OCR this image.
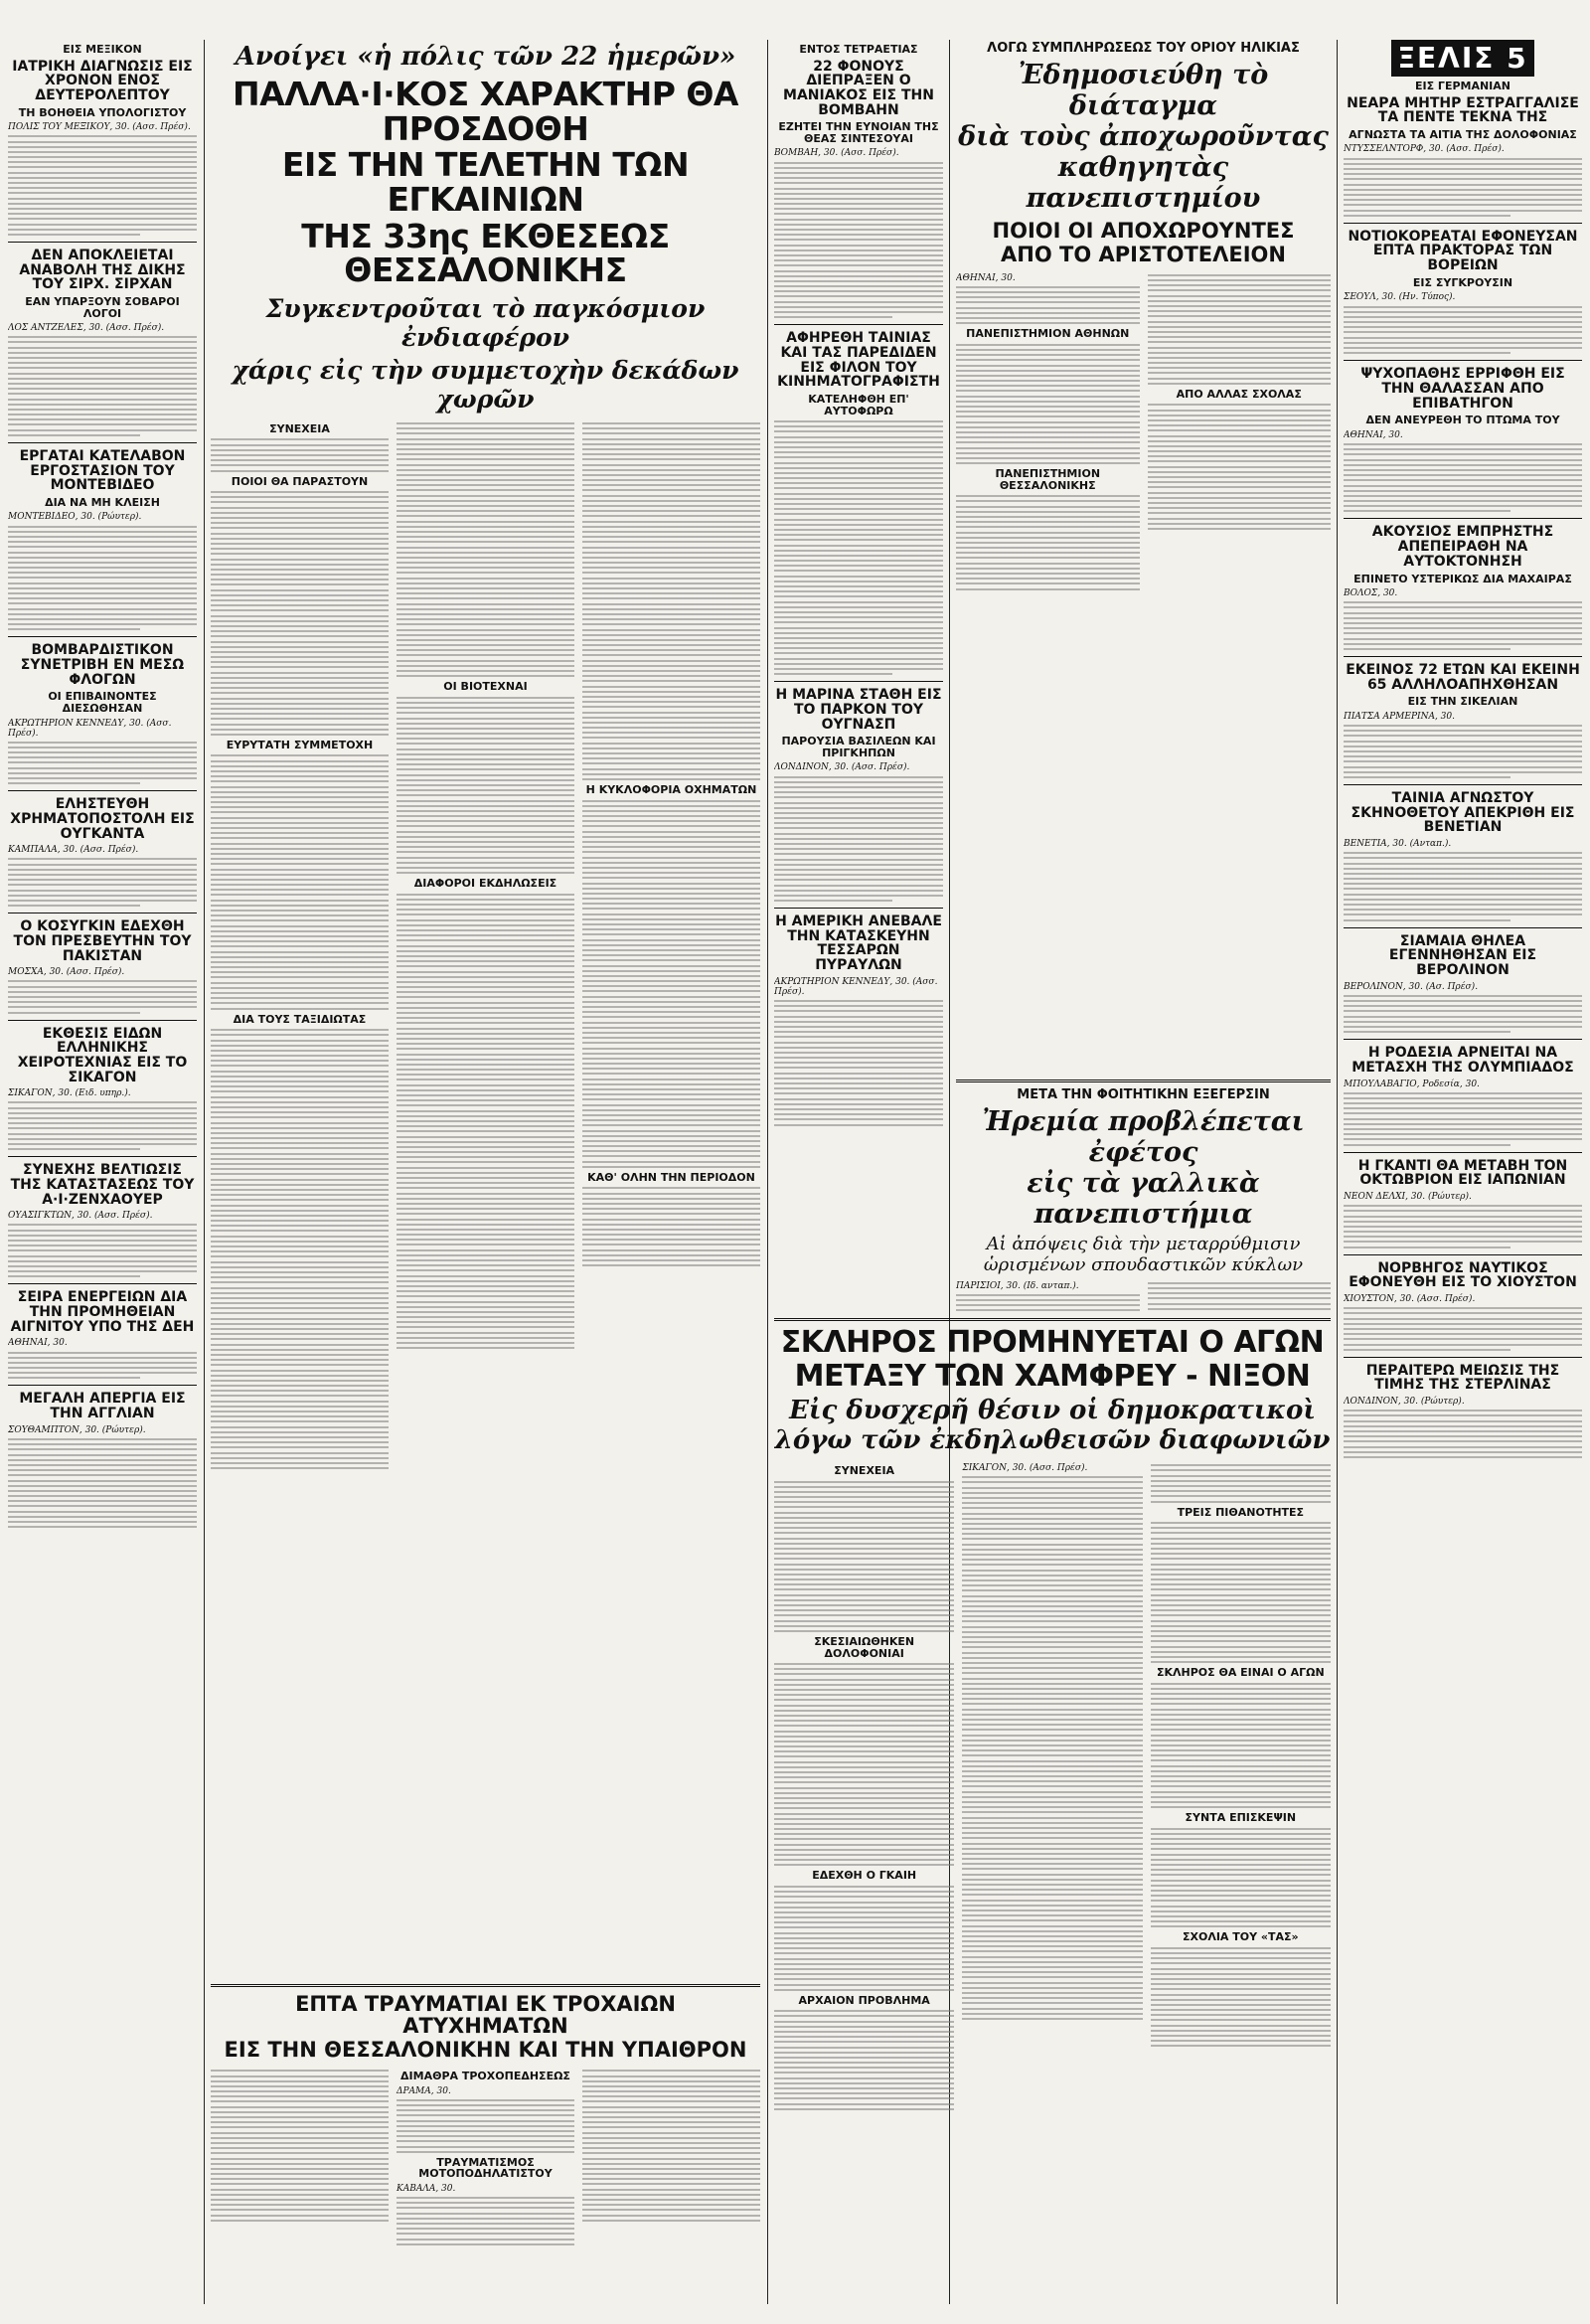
ΕΙΣ ΜΕΞΙΚΟΝ
ΙΑΤΡΙΚΗ ΔΙΑΓΝΩΣΙΣ ΕΙΣ ΧΡΟΝΟΝ ΕΝΟΣ ΔΕΥΤΕΡΟΛΕΠΤΟΥ
ΤΗ ΒΟΗΘΕΙΑ ΥΠΟΛΟΓΙΣΤΟΥ
ΠΟΛΙΣ ΤΟΥ ΜΕΞΙΚΟΥ, 30. (Ασσ. Πρέσ).
ΔΕΝ ΑΠΟΚΛΕΙΕΤΑΙ ΑΝΑΒΟΛΗ ΤΗΣ ΔΙΚΗΣ ΤΟΥ ΣΙΡΧ. ΣΙΡΧΑΝ
ΕΑΝ ΥΠΑΡΞΟΥΝ ΣΟΒΑΡΟΙ ΛΟΓΟΙ
ΛΟΣ ΑΝΤΖΕΛΕΣ, 30. (Ασσ. Πρέσ).
ΕΡΓΑΤΑΙ ΚΑΤΕΛΑΒΟΝ ΕΡΓΟΣΤΑΣΙΟΝ ΤΟΥ ΜΟΝΤΕΒΙΔΕΟ
ΔΙΑ ΝΑ ΜΗ ΚΛΕΙΣΗ
ΜΟΝΤΕΒΙΔΕΟ, 30. (Ρώυτερ).
ΒΟΜΒΑΡΔΙΣΤΙΚΟΝ ΣΥΝΕΤΡΙΒΗ ΕΝ ΜΕΣΩ ΦΛΟΓΩΝ
ΟΙ ΕΠΙΒΑΙΝΟΝΤΕΣ ΔΙΕΣΩΘΗΣΑΝ
ΑΚΡΩΤΗΡΙΟΝ ΚΕΝΝΕΔΥ, 30. (Ασσ. Πρέσ).
ΕΛΗΣΤΕΥΘΗ ΧΡΗΜΑΤΟΠΟΣΤΟΛΗ ΕΙΣ ΟΥΓΚΑΝΤΑ
ΚΑΜΠΑΛΑ, 30. (Ασσ. Πρέσ).
Ο ΚΟΣΥΓΚΙΝ ΕΔΕΧΘΗ ΤΟΝ ΠΡΕΣΒΕΥΤΗΝ ΤΟΥ ΠΑΚΙΣΤΑΝ
ΜΟΣΧΑ, 30. (Ασσ. Πρέσ).
ΕΚΘΕΣΙΣ ΕΙΔΩΝ ΕΛΛΗΝΙΚΗΣ ΧΕΙΡΟΤΕΧΝΙΑΣ ΕΙΣ ΤΟ ΣΙΚΑΓΟΝ
ΣΙΚΑΓΟΝ, 30. (Ειδ. υπηρ.).
ΣΥΝΕΧΗΣ ΒΕΛΤΙΩΣΙΣ ΤΗΣ ΚΑΤΑΣΤΑΣΕΩΣ ΤΟΥ Α·Ι·ΖΕΝΧΑΟΥΕΡ
ΟΥΑΣΙΓΚΤΩΝ, 30. (Ασσ. Πρέσ).
ΣΕΙΡΑ ΕΝΕΡΓΕΙΩΝ ΔΙΑ ΤΗΝ ΠΡΟΜΗΘΕΙΑΝ ΑΙΓΝΙΤΟΥ ΥΠΟ ΤΗΣ ΔΕΗ
ΑΘΗΝΑΙ, 30.
ΜΕΓΑΛΗ ΑΠΕΡΓΙΑ ΕΙΣ ΤΗΝ ΑΓΓΛΙΑΝ
ΣΟΥΘΑΜΠΤΟΝ, 30. (Ρώυτερ).
Ανοίγει «ἡ πόλις τῶν 22 ἡμερῶν»
ΠΑΛΛΑ·Ι·ΚΟΣ ΧΑΡΑΚΤΗΡ ΘΑ ΠΡΟΣΔΟΘΗ
ΕΙΣ ΤΗΝ ΤΕΛΕΤΗΝ ΤΩΝ ΕΓΚΑΙΝΙΩΝ
ΤΗΣ 33ης ΕΚΘΕΣΕΩΣ ΘΕΣΣΑΛΟΝΙΚΗΣ
Συγκεντροῦται τὸ παγκόσμιον ἐνδιαφέρον
χάρις εἰς τὴν συμμετοχὴν δεκάδων χωρῶν
ΣΥΝΕΧΕΙΑ
ΠΟΙΟΙ ΘΑ ΠΑΡΑΣΤΟΥΝ
ΕΥΡΥΤΑΤΗ ΣΥΜΜΕΤΟΧΗ
ΔΙΑ ΤΟΥΣ ΤΑΞΙΔΙΩΤΑΣ
ΟΙ ΒΙΟΤΕΧΝΑΙ
ΔΙΑΦΟΡΟΙ ΕΚΔΗΛΩΣΕΙΣ
Η ΚΥΚΛΟΦΟΡΙΑ ΟΧΗΜΑΤΩΝ
ΚΑΘ' ΟΛΗΝ ΤΗΝ ΠΕΡΙΟΔΟΝ
ΕΠΤΑ ΤΡΑΥΜΑΤΙΑΙ ΕΚ ΤΡΟΧΑΙΩΝ ΑΤΥΧΗΜΑΤΩΝ
ΕΙΣ ΤΗΝ ΘΕΣΣΑΛΟΝΙΚΗΝ ΚΑΙ ΤΗΝ ΥΠΑΙΘΡΟΝ
ΔΙΜΑΘΡΑ ΤΡΟΧΟΠΕΔΗΣΕΩΣ
ΔΡΑΜΑ, 30.
ΤΡΑΥΜΑΤΙΣΜΟΣ ΜΟΤΟΠΟΔΗΛΑΤΙΣΤΟΥ
ΚΑΒΑΛΑ, 30.
ΕΝΤΟΣ ΤΕΤΡΑΕΤΙΑΣ
22 ΦΟΝΟΥΣ ΔΙΕΠΡΑΞΕΝ Ο ΜΑΝΙΑΚΟΣ ΕΙΣ ΤΗΝ ΒΟΜΒΑΗΝ
ΕΖΗΤΕΙ ΤΗΝ ΕΥΝΟΙΑΝ ΤΗΣ ΘΕΑΣ ΣΙΝΤΕΣΟΥΑΙ
ΒΟΜΒΑΗ, 30. (Ασσ. Πρέσ).
ΑΦΗΡΕΘΗ ΤΑΙΝΙΑΣ ΚΑΙ ΤΑΣ ΠΑΡΕΔΙΔΕΝ ΕΙΣ ΦΙΛΟΝ ΤΟΥ ΚΙΝΗΜΑΤΟΓΡΑΦΙΣΤΗ
ΚΑΤΕΛΗΦΘΗ ΕΠ' ΑΥΤΟΦΩΡΩ
Η ΜΑΡΙΝΑ ΣΤΑΘΗ ΕΙΣ ΤΟ ΠΑΡΚΟΝ ΤΟΥ ΟΥΓΝΑΣΠ
ΠΑΡΟΥΣΙΑ ΒΑΣΙΛΕΩΝ ΚΑΙ ΠΡΙΓΚΗΠΩΝ
ΛΟΝΔΙΝΟΝ, 30. (Ασσ. Πρέσ).
Η ΑΜΕΡΙΚΗ ΑΝΕΒΑΛΕ ΤΗΝ ΚΑΤΑΣΚΕΥΗΝ ΤΕΣΣΑΡΩΝ ΠΥΡΑΥΛΩΝ
ΑΚΡΩΤΗΡΙΟΝ ΚΕΝΝΕΔΥ, 30. (Ασσ. Πρέσ).
ΛΟΓΩ ΣΥΜΠΛΗΡΩΣΕΩΣ ΤΟΥ ΟΡΙΟΥ ΗΛΙΚΙΑΣ
Ἐδημοσιεύθη τὸ διάταγμα
διὰ τοὺς ἀποχωροῦντας
καθηγητὰς πανεπιστημίου
ΠΟΙΟΙ ΟΙ ΑΠΟΧΩΡΟΥΝΤΕΣ
ΑΠΟ ΤΟ ΑΡΙΣΤΟΤΕΛΕΙΟΝ
ΑΘΗΝΑΙ, 30.
ΠΑΝΕΠΙΣΤΗΜΙΟΝ ΑΘΗΝΩΝ
ΠΑΝΕΠΙΣΤΗΜΙΟΝ ΘΕΣΣΑΛΟΝΙΚΗΣ
ΑΠΟ ΑΛΛΑΣ ΣΧΟΛΑΣ
ΜΕΤΑ ΤΗΝ ΦΟΙΤΗΤΙΚΗΝ ΕΞΕΓΕΡΣΙΝ
Ἠρεμία προβλέπεται ἐφέτος
εἰς τὰ γαλλικὰ πανεπιστήμια
Αἱ ἀπόψεις διὰ τὴν μεταρρύθμισιν
ὡρισμένων σπουδαστικῶν κύκλων
ΠΑΡΙΣΙΟΙ, 30. (Ιδ. ανταπ.).
ΣΚΛΗΡΟΣ ΠΡΟΜΗΝΥΕΤΑΙ Ο ΑΓΩΝ
ΜΕΤΑΞΥ ΤΩΝ ΧΑΜΦΡΕΥ - ΝΙΞΟΝ
Εἰς δυσχερῆ θέσιν οἱ δημοκρατικοὶ
λόγω τῶν ἐκδηλωθεισῶν διαφωνιῶν
ΣΥΝΕΧΕΙΑ
ΣΚΕΣΙΑΙΩΘΗΚΕΝ ΔΟΛΟΦΟΝΙΑΙ
ΕΔΕΧΘΗ Ο ΓΚΑΙΗ
ΑΡΧΑΙΟΝ ΠΡΟΒΛΗΜΑ
ΣΙΚΑΓΟΝ, 30. (Ασσ. Πρέσ).
ΤΡΕΙΣ ΠΙΘΑΝΟΤΗΤΕΣ
ΣΚΛΗΡΟΣ ΘΑ ΕΙΝΑΙ Ο ΑΓΩΝ
ΣΥΝΤΑ ΕΠΙΣΚΕΨΙΝ
ΣΧΟΛΙΑ ΤΟΥ «ΤΑΣ»
ΞΕΛΙΣ 5
ΕΙΣ ΓΕΡΜΑΝΙΑΝ
ΝΕΑΡΑ ΜΗΤΗΡ ΕΣΤΡΑΓΓΑΛΙΣΕ ΤΑ ΠΕΝΤΕ ΤΕΚΝΑ ΤΗΣ
ΑΓΝΩΣΤΑ ΤΑ ΑΙΤΙΑ ΤΗΣ ΔΟΛΟΦΟΝΙΑΣ
ΝΤΥΣΣΕΛΝΤΟΡΦ, 30. (Ασσ. Πρέσ).
ΝΟΤΙΟΚΟΡΕΑΤΑΙ ΕΦΟΝΕΥΣΑΝ ΕΠΤΑ ΠΡΑΚΤΟΡΑΣ ΤΩΝ ΒΟΡΕΙΩΝ
ΕΙΣ ΣΥΓΚΡΟΥΣΙΝ
ΣΕΟΥΛ, 30. (Ην. Τύπος).
ΨΥΧΟΠΑΘΗΣ ΕΡΡΙΦΘΗ ΕΙΣ ΤΗΝ ΘΑΛΑΣΣΑΝ ΑΠΟ ΕΠΙΒΑΤΗΓΟΝ
ΔΕΝ ΑΝΕΥΡΕΘΗ ΤΟ ΠΤΩΜΑ ΤΟΥ
ΑΘΗΝΑΙ, 30.
ΑΚΟΥΣΙΟΣ ΕΜΠΡΗΣΤΗΣ ΑΠΕΠΕΙΡΑΘΗ ΝΑ ΑΥΤΟΚΤΟΝΗΣΗ
ΕΠΙΝΕΤΟ ΥΣΤΕΡΙΚΩΣ ΔΙΑ ΜΑΧΑΙΡΑΣ
ΒΟΛΟΣ, 30.
ΕΚΕΙΝΟΣ 72 ΕΤΩΝ ΚΑΙ ΕΚΕΙΝΗ 65 ΑΛΛΗΛΟΑΠΗΧΘΗΣΑΝ
ΕΙΣ ΤΗΝ ΣΙΚΕΛΙΑΝ
ΠΙΑΤΣΑ ΑΡΜΕΡΙΝΑ, 30.
ΤΑΙΝΙΑ ΑΓΝΩΣΤΟΥ ΣΚΗΝΟΘΕΤΟΥ ΑΠΕΚΡΙΘΗ ΕΙΣ ΒΕΝΕΤΙΑΝ
ΒΕΝΕΤΙΑ, 30. (Ανταπ.).
ΣΙΑΜΑΙΑ ΘΗΛΕΑ ΕΓΕΝΝΗΘΗΣΑΝ ΕΙΣ ΒΕΡΟΛΙΝΟΝ
ΒΕΡΟΛΙΝΟΝ, 30. (Ασ. Πρέσ).
Η ΡΟΔΕΣΙΑ ΑΡΝΕΙΤΑΙ ΝΑ ΜΕΤΑΣΧΗ ΤΗΣ ΟΛΥΜΠΙΑΔΟΣ
ΜΠΟΥΛΑΒΑΓΙΟ, Ροδεσία, 30.
Η ΓΚΑΝΤΙ ΘΑ ΜΕΤΑΒΗ ΤΟΝ ΟΚΤΩΒΡΙΟΝ ΕΙΣ ΙΑΠΩΝΙΑΝ
ΝΕΟΝ ΔΕΛΧΙ, 30. (Ρώυτερ).
ΝΟΡΒΗΓΟΣ ΝΑΥΤΙΚΟΣ ΕΦΟΝΕΥΘΗ ΕΙΣ ΤΟ ΧΙΟΥΣΤΟΝ
ΧΙΟΥΣΤΟΝ, 30. (Ασσ. Πρέσ).
ΠΕΡΑΙΤΕΡΩ ΜΕΙΩΣΙΣ ΤΗΣ ΤΙΜΗΣ ΤΗΣ ΣΤΕΡΛΙΝΑΣ
ΛΟΝΔΙΝΟΝ, 30. (Ρώυτερ).
